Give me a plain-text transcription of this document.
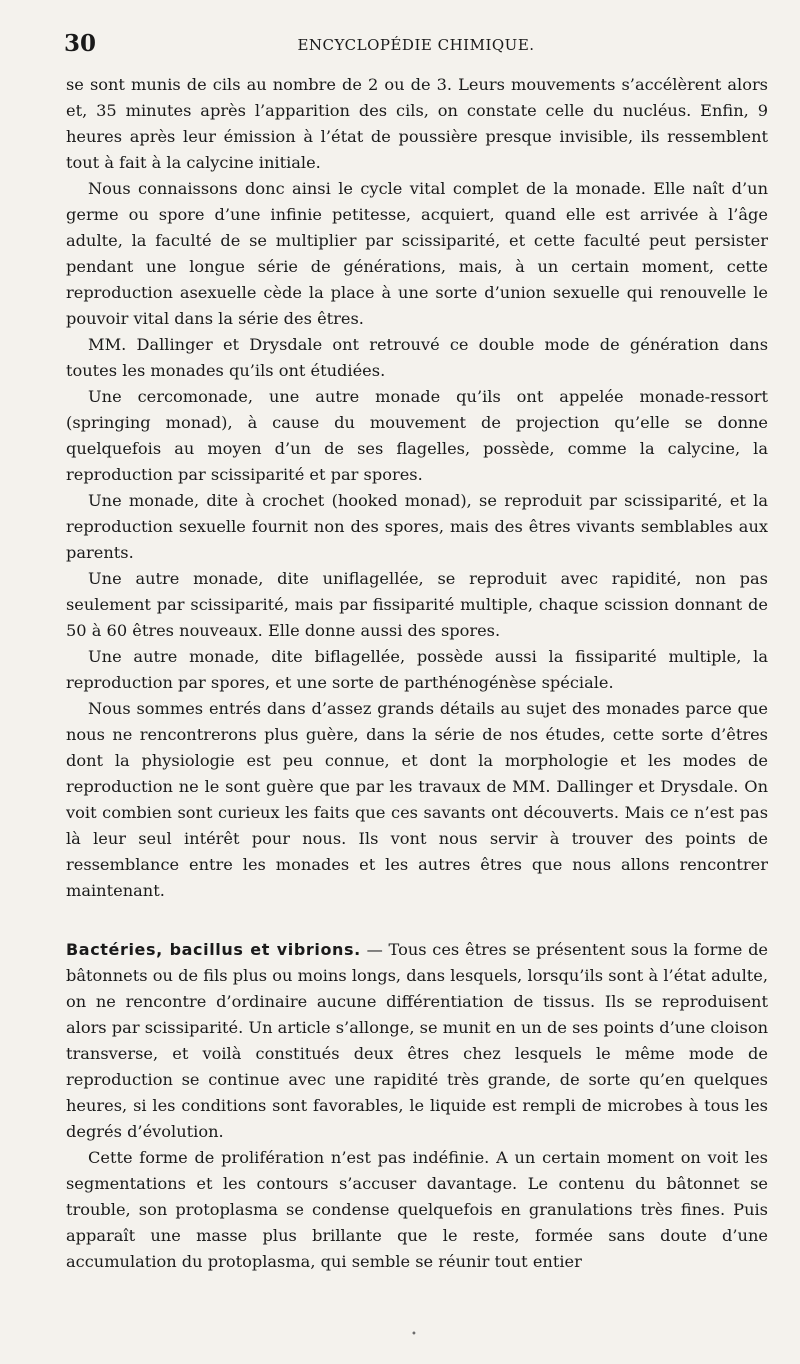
30	ENCYCLOPÉDIE CHIMIQUE.

se sont munis de cils au nombre de 2 ou de 3. Leurs mouvements s’accélèrent alors et, 35 minutes après l’apparition des cils, on constate celle du nucléus. Enfin, 9 heures après leur émission à l’état de poussière presque invisible, ils ressemblent tout à fait à la calycine initiale.

Nous connaissons donc ainsi le cycle vital complet de la monade. Elle naît d’un germe ou spore d’une infinie petitesse, acquiert, quand elle est arrivée à l’âge adulte, la faculté de se multiplier par scissiparité, et cette faculté peut persister pendant une longue série de générations, mais, à un certain moment, cette reproduction asexuelle cède la place à une sorte d’union sexuelle qui renouvelle le pouvoir vital dans la série des êtres.

MM. Dallinger et Drysdale ont retrouvé ce double mode de génération dans toutes les monades qu’ils ont étudiées.

Une cercomonade, une autre monade qu’ils ont appelée monade-ressort (springing monad), à cause du mouvement de projection qu’elle se donne quelquefois au moyen d’un de ses flagelles, possède, comme la calycine, la reproduction par scissiparité et par spores.

Une monade, dite à crochet (hooked monad), se reproduit par scissiparité, et la reproduction sexuelle fournit non des spores, mais des êtres vivants semblables aux parents.

Une autre monade, dite uniflagellée, se reproduit avec rapidité, non pas seulement par scissiparité, mais par fissiparité multiple, chaque scission donnant de 50 à 60 êtres nouveaux. Elle donne aussi des spores.

Une autre monade, dite biflagellée, possède aussi la fissiparité multiple, la reproduction par spores, et une sorte de parthénogénèse spéciale.

Nous sommes entrés dans d’assez grands détails au sujet des monades parce que nous ne rencontrerons plus guère, dans la série de nos études, cette sorte d’êtres dont la physiologie est peu connue, et dont la morphologie et les modes de reproduction ne le sont guère que par les travaux de MM. Dallinger et Drysdale. On voit combien sont curieux les faits que ces savants ont découverts. Mais ce n’est pas là leur seul intérêt pour nous. Ils vont nous servir à trouver des points de ressemblance entre les monades et les autres êtres que nous allons rencontrer maintenant.

Bactéries, bacillus et vibrions. — Tous ces êtres se présentent sous la forme de bâtonnets ou de fils plus ou moins longs, dans lesquels, lorsqu’ils sont à l’état adulte, on ne rencontre d’ordinaire aucune différentiation de tissus. Ils se reproduisent alors par scissiparité. Un article s’allonge, se munit en un de ses points d’une cloison transverse, et voilà constitués deux êtres chez lesquels le même mode de reproduction se continue avec une rapidité très grande, de sorte qu’en quelques heures, si les conditions sont favorables, le liquide est rempli de microbes à tous les degrés d’évolution.

Cette forme de prolifération n’est pas indéfinie. A un certain moment on voit les segmentations et les contours s’accuser davantage. Le contenu du bâtonnet se trouble, son protoplasma se condense quelquefois en granulations très fines. Puis apparaît une masse plus brillante que le reste, formée sans doute d’une accumulation du protoplasma, qui semble se réunir tout entier

•
